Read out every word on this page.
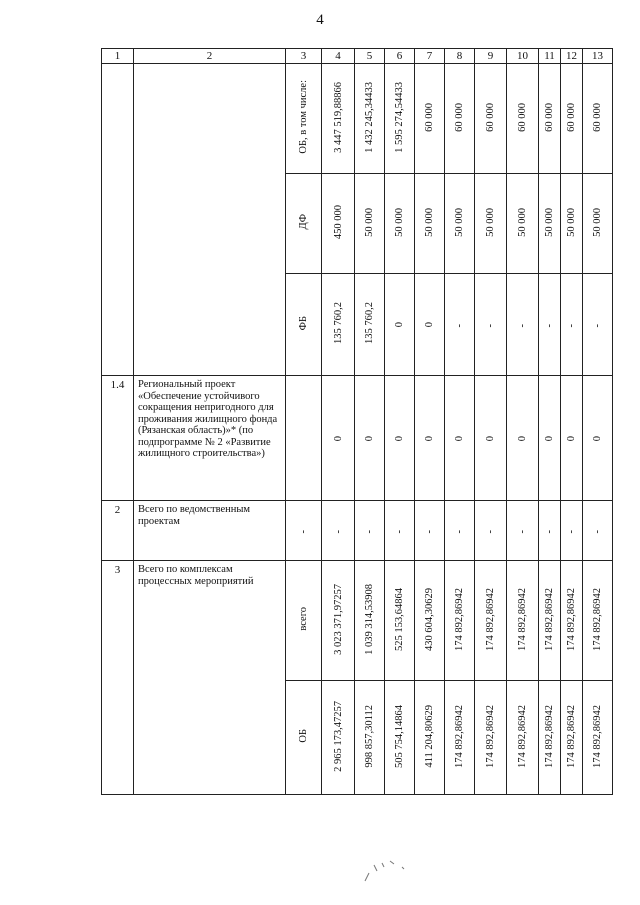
4
1	2	3	4	5	6	7	8	9	10	11	12	13
		ОБ, в том числе:	3 447 519,88866	1 432 245,34433	1 595 274,54433	60 000	60 000	60 000	60 000	60 000	60 000	60 000
		ДФ	450 000	50 000	50 000	50 000	50 000	50 000	50 000	50 000	50 000	50 000
		ФБ	135 760,2	135 760,2	0	0	-	-	-	-	-	-
1.4	Региональный проект «Обеспечение устойчивого сокращения непригодного для проживания жилищного фонда (Рязанская область)»* (по подпрограмме № 2 «Развитие жилищного строительства»)		0	0	0	0	0	0	0	0	0	0
2	Всего по ведомственным проектам	-	-	-	-	-	-	-	-	-	-	-
3	Всего по комплексам процессных мероприятий	всего	3 023 371,97257	1 039 314,53908	525 153,64864	430 604,30629	174 892,86942	174 892,86942	174 892,86942	174 892,86942	174 892,86942	174 892,86942
		ОБ	2 965 173,47257	998 857,30112	505 754,14864	411 204,80629	174 892,86942	174 892,86942	174 892,86942	174 892,86942	174 892,86942	174 892,86942
